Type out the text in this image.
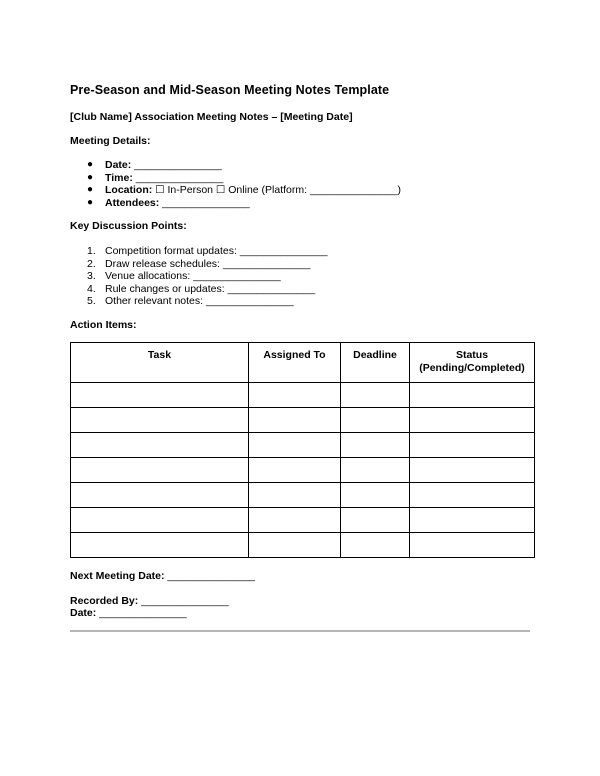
Pre-Season and Mid-Season Meeting Notes Template
[Club Name] Association Meeting Notes – [Meeting Date]
Meeting Details:
● Date: _______________
● Time: _______________
● Location: ☐ In-Person ☐ Online (Platform: _______________)
● Attendees: _______________
Key Discussion Points:
1. Competition format updates: _______________
2. Draw release schedules: _______________
3. Venue allocations: _______________
4. Rule changes or updates: _______________
5. Other relevant notes: _______________
Action Items:
Task	Assigned To	Deadline	Status
(Pending/Completed)

Next Meeting Date: _______________
Recorded By: _______________
Date: _______________
